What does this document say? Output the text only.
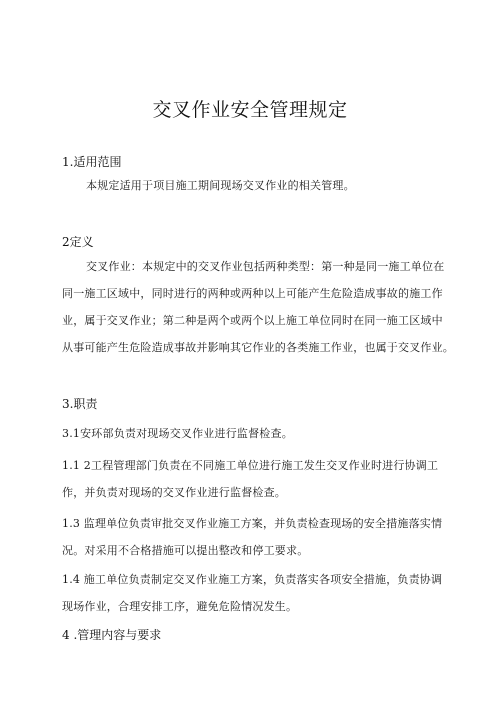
交叉作业安全管理规定
1.适用范围
本规定适用于项目施工期间现场交叉作业的相关管理。
2定义
交叉作业：本规定中的交叉作业包括两种类型：第一种是同一施工单位在
同一施工区域中，同时进行的两种或两种以上可能产生危险造成事故的施工作
业，属于交叉作业；第二种是两个或两个以上施工单位同时在同一施工区域中
从事可能产生危险造成事故并影响其它作业的各类施工作业，也属于交叉作业。
3.职责
3.1安环部负责对现场交叉作业进行监督检查。
1.1 2工程管理部门负责在不同施工单位进行施工发生交叉作业时进行协调工
作，并负责对现场的交叉作业进行监督检查。
1.3 监理单位负责审批交叉作业施工方案，并负责检查现场的安全措施落实情
况。对采用不合格措施可以提出整改和停工要求。
1.4 施工单位负责制定交叉作业施工方案，负责落实各项安全措施，负责协调
现场作业，合理安排工序，避免危险情况发生。
4 .管理内容与要求
